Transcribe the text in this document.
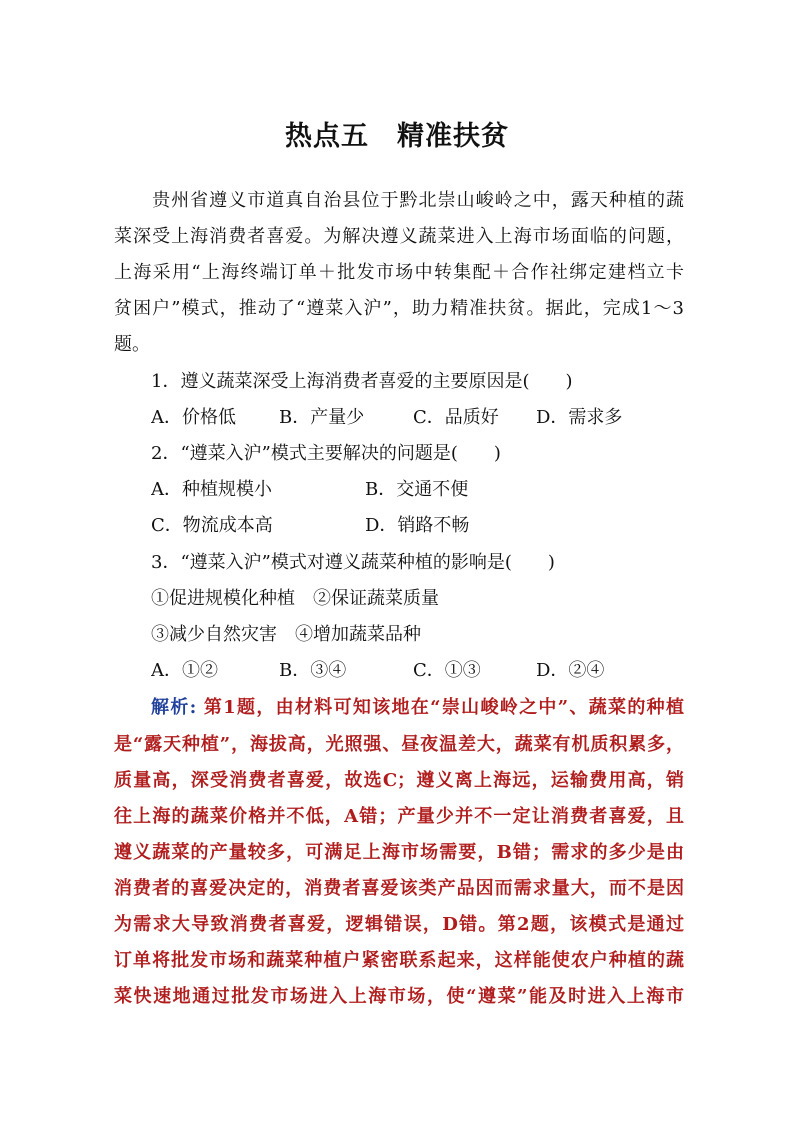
热点五　精准扶贫
　　贵州省遵义市道真自治县位于黔北崇山峻岭之中，露天种植的蔬
菜深受上海消费者喜爱。为解决遵义蔬菜进入上海市场面临的问题，
上海采用“上海终端订单＋批发市场中转集配＋合作社绑定建档立卡
贫困户”模式，推动了“遵菜入沪”，助力精准扶贫。据此，完成1～3
题。
1．遵义蔬菜深受上海消费者喜爱的主要原因是(　　)
A．价格低 B．产量少	C．品质好 D．需求多
2．“遵菜入沪”模式主要解决的问题是(　　)
A．种植规模小	B．交通不便
C．物流成本高	D．销路不畅
3．“遵菜入沪”模式对遵义蔬菜种植的影响是(　　)
①促进规模化种植　②保证蔬菜质量
③减少自然灾害　④增加蔬菜品种
A．①②	B．③④	C．①③	D．②④
解析: 第1题，由材料可知该地在“崇山峻岭之中”、蔬菜的种植
是“露天种植”，海拔高，光照强、昼夜温差大，蔬菜有机质积累多，
质量高，深受消费者喜爱，故选C；遵义离上海远，运输费用高，销
往上海的蔬菜价格并不低，A错；产量少并不一定让消费者喜爱，且
遵义蔬菜的产量较多，可满足上海市场需要，B错；需求的多少是由
消费者的喜爱决定的，消费者喜爱该类产品因而需求量大，而不是因
为需求大导致消费者喜爱，逻辑错误，D错。第2题，该模式是通过
订单将批发市场和蔬菜种植户紧密联系起来，这样能使农户种植的蔬
菜快速地通过批发市场进入上海市场，使“遵菜”能及时进入上海市
